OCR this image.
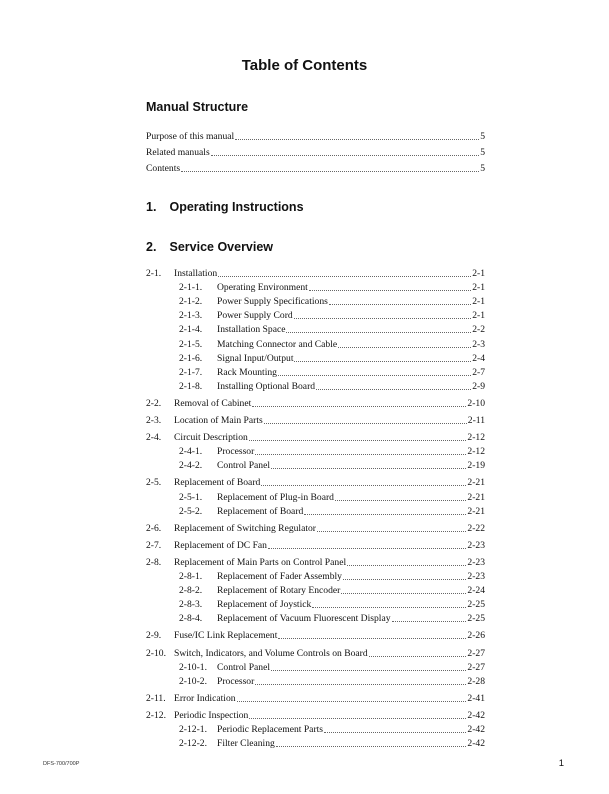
Table of Contents
Manual Structure
Purpose of this manual	5
Related manuals	5
Contents	5
1. Operating Instructions
2. Service Overview
2-1.	Installation	2-1
2-1-1.	Operating Environment	2-1
2-1-2.	Power Supply Specifications	2-1
2-1-3.	Power Supply Cord	2-1
2-1-4.	Installation Space	2-2
2-1-5.	Matching Connector and Cable	2-3
2-1-6.	Signal Input/Output	2-4
2-1-7.	Rack Mounting	2-7
2-1-8.	Installing Optional Board	2-9
2-2.	Removal of Cabinet	2-10
2-3.	Location of Main Parts	2-11
2-4.	Circuit Description	2-12
2-4-1.	Processor	2-12
2-4-2.	Control Panel	2-19
2-5.	Replacement of Board	2-21
2-5-1.	Replacement of Plug-in Board	2-21
2-5-2.	Replacement of Board	2-21
2-6.	Replacement of Switching Regulator	2-22
2-7.	Replacement of DC Fan	2-23
2-8.	Replacement of Main Parts on Control Panel	2-23
2-8-1.	Replacement of Fader Assembly	2-23
2-8-2.	Replacement of Rotary Encoder	2-24
2-8-3.	Replacement of Joystick	2-25
2-8-4.	Replacement of Vacuum Fluorescent Display	2-25
2-9.	Fuse/IC Link Replacement	2-26
2-10. Switch, Indicators, and Volume Controls on Board	2-27
2-10-1.	Control Panel	2-27
2-10-2.	Processor	2-28
2-11. Error Indication	2-41
2-12. Periodic Inspection	2-42
2-12-1.	Periodic Replacement Parts	2-42
2-12-2.	Filter Cleaning	2-42

DFS-700/700P	1
